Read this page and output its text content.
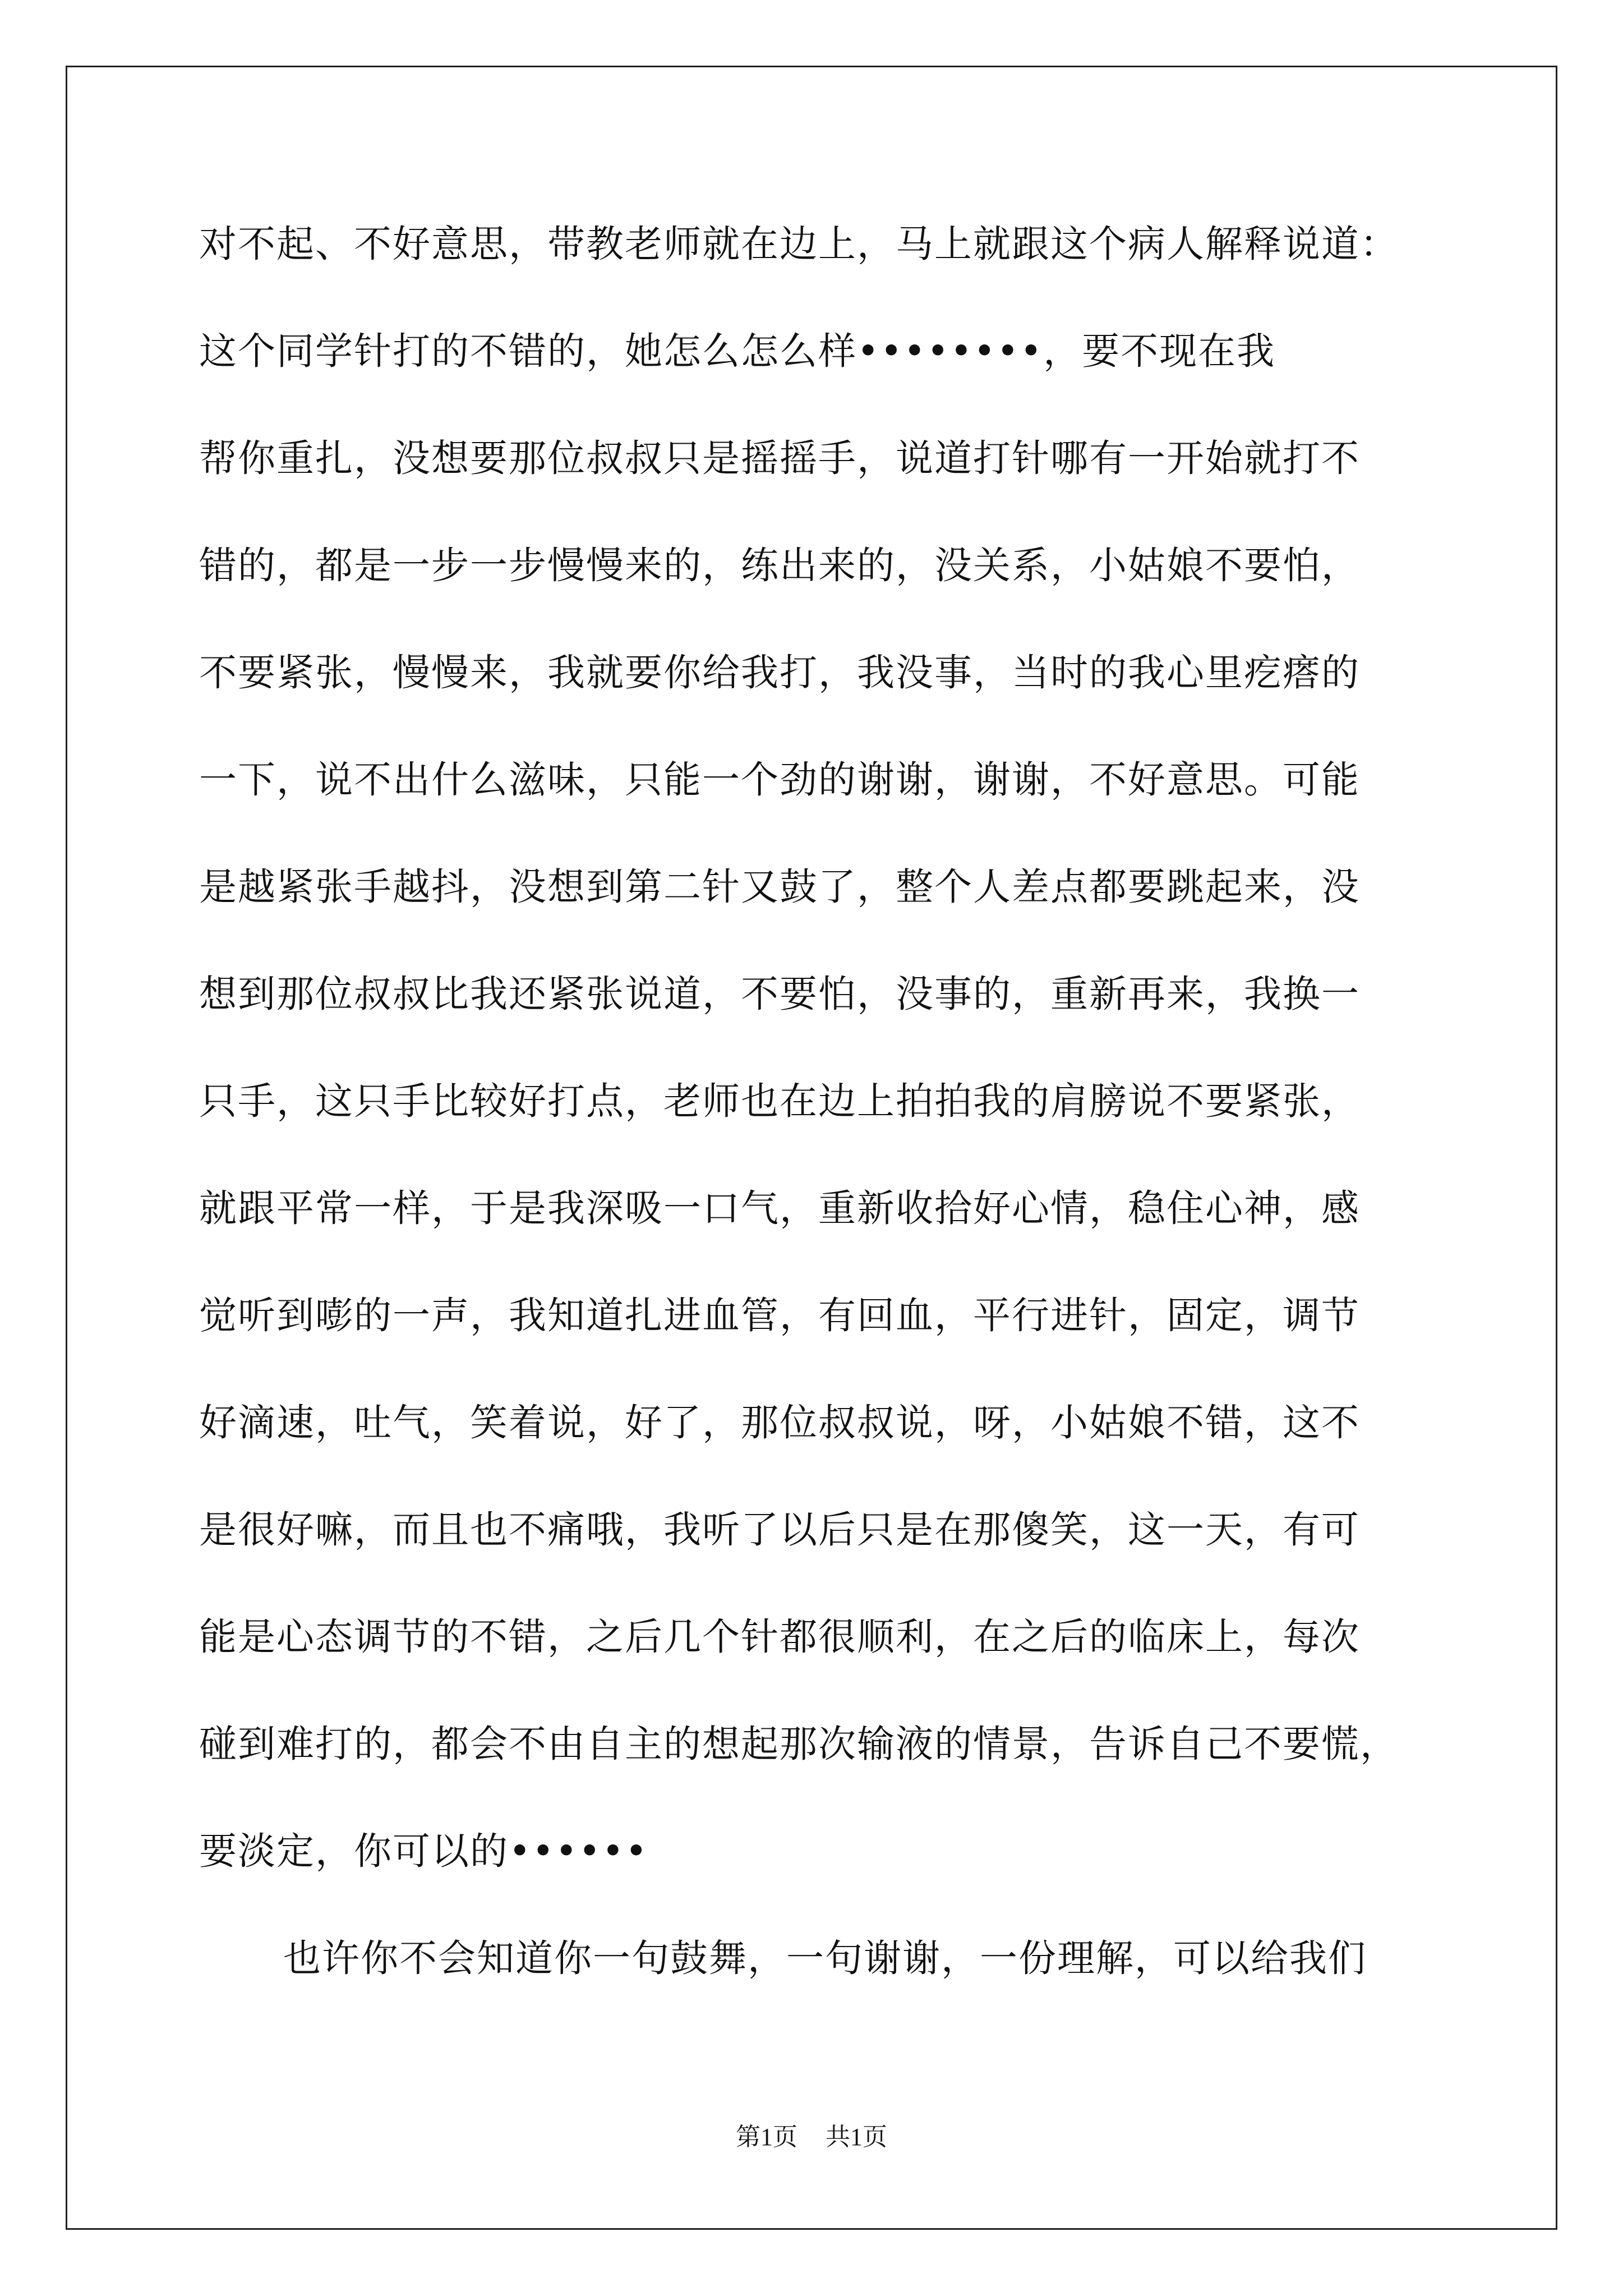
对不起、不好意思，带教老师就在边上，马上就跟这个病人解释说道：
这个同学针打的不错的，她怎么怎么样••••••••，要不现在我
帮你重扎，没想要那位叔叔只是摇摇手，说道打针哪有一开始就打不
错的，都是一步一步慢慢来的，练出来的，没关系，小姑娘不要怕，
不要紧张，慢慢来，我就要你给我打，我没事，当时的我心里疙瘩的
一下，说不出什么滋味，只能一个劲的谢谢，谢谢，不好意思。可能
是越紧张手越抖，没想到第二针又鼓了，整个人差点都要跳起来，没
想到那位叔叔比我还紧张说道，不要怕，没事的，重新再来，我换一
只手，这只手比较好打点，老师也在边上拍拍我的肩膀说不要紧张，
就跟平常一样，于是我深吸一口气，重新收拾好心情，稳住心神，感
觉听到嘭的一声，我知道扎进血管，有回血，平行进针，固定，调节
好滴速，吐气，笑着说，好了，那位叔叔说，呀，小姑娘不错，这不
是很好嘛，而且也不痛哦，我听了以后只是在那傻笑，这一天，有可
能是心态调节的不错，之后几个针都很顺利，在之后的临床上，每次
碰到难打的，都会不由自主的想起那次输液的情景，告诉自己不要慌，
要淡定，你可以的••••••
也许你不会知道你一句鼓舞，一句谢谢，一份理解，可以给我们
第1页 共1页
